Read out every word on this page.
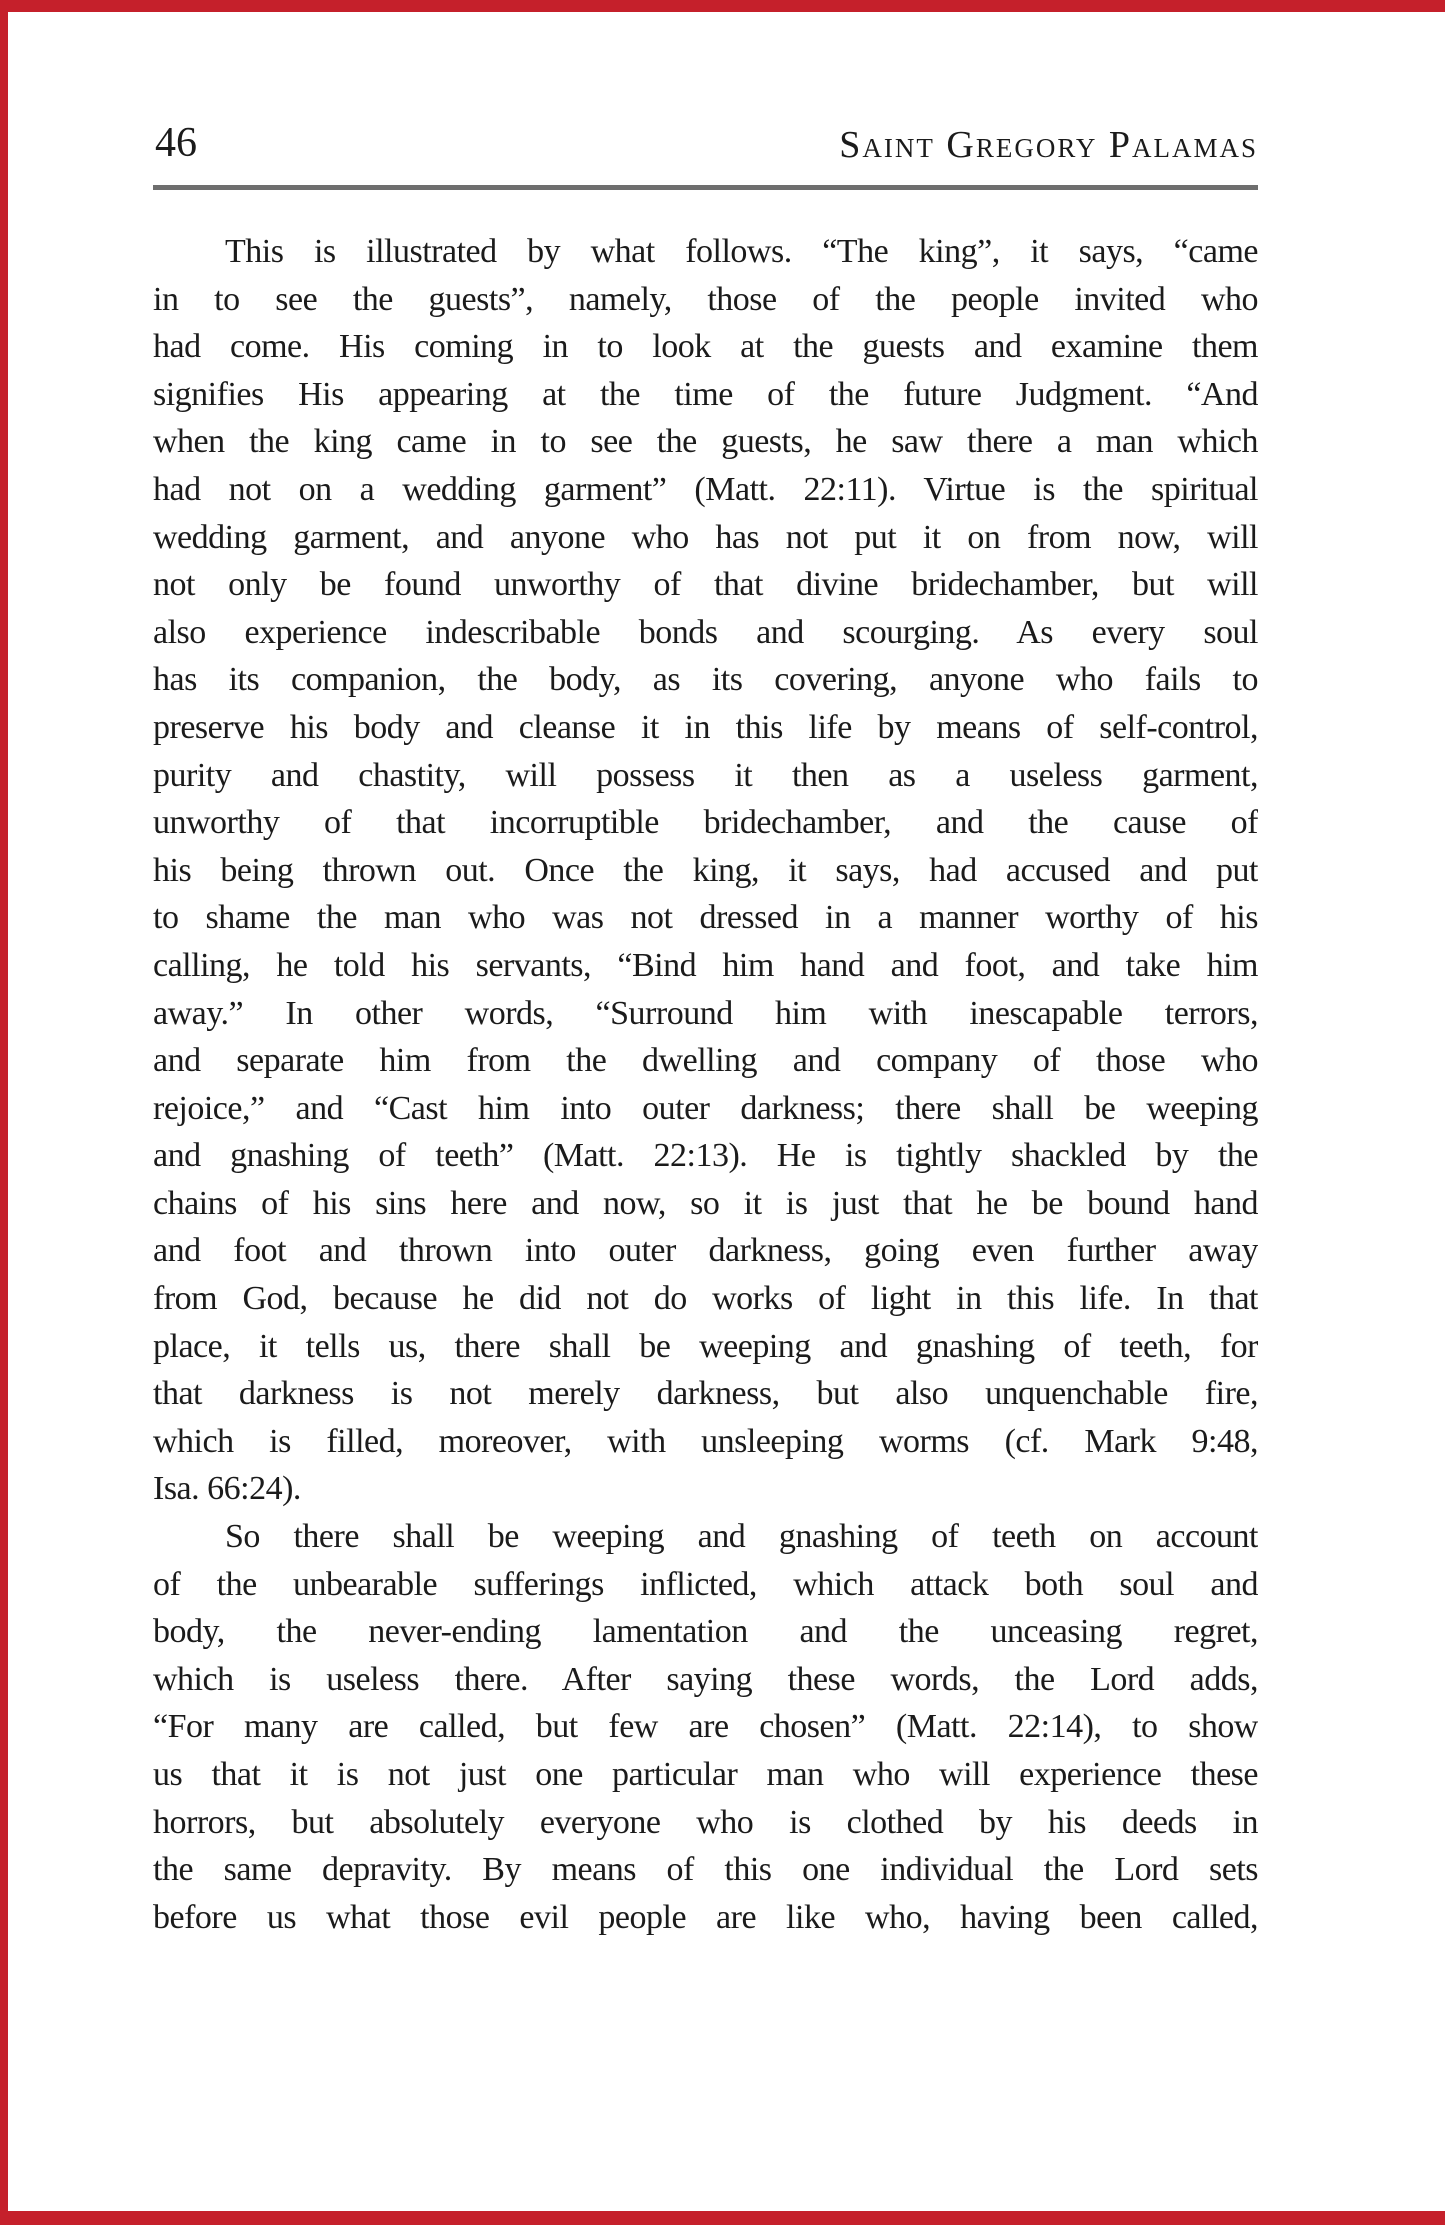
46	Saint Gregory Palamas
This is illustrated by what follows. “The king”, it says, “came
in to see the guests”, namely, those of the people invited who
had come. His coming in to look at the guests and examine them
signifies His appearing at the time of the future Judgment. “And
when the king came in to see the guests, he saw there a man which
had not on a wedding garment” (Matt. 22:11). Virtue is the spiritual
wedding garment, and anyone who has not put it on from now, will
not only be found unworthy of that divine bridechamber, but will
also experience indescribable bonds and scourging. As every soul
has its companion, the body, as its covering, anyone who fails to
preserve his body and cleanse it in this life by means of self-control,
purity and chastity, will possess it then as a useless garment,
unworthy of that incorruptible bridechamber, and the cause of
his being thrown out. Once the king, it says, had accused and put
to shame the man who was not dressed in a manner worthy of his
calling, he told his servants, “Bind him hand and foot, and take him
away.” In other words, “Surround him with inescapable terrors,
and separate him from the dwelling and company of those who
rejoice,” and “Cast him into outer darkness; there shall be weeping
and gnashing of teeth” (Matt. 22:13). He is tightly shackled by the
chains of his sins here and now, so it is just that he be bound hand
and foot and thrown into outer darkness, going even further away
from God, because he did not do works of light in this life. In that
place, it tells us, there shall be weeping and gnashing of teeth, for
that darkness is not merely darkness, but also unquenchable fire,
which is filled, moreover, with unsleeping worms (cf. Mark 9:48,
Isa. 66:24).
So there shall be weeping and gnashing of teeth on account
of the unbearable sufferings inflicted, which attack both soul and
body, the never-ending lamentation and the unceasing regret,
which is useless there. After saying these words, the Lord adds,
“For many are called, but few are chosen” (Matt. 22:14), to show
us that it is not just one particular man who will experience these
horrors, but absolutely everyone who is clothed by his deeds in
the same depravity. By means of this one individual the Lord sets
before us what those evil people are like who, having been called,
